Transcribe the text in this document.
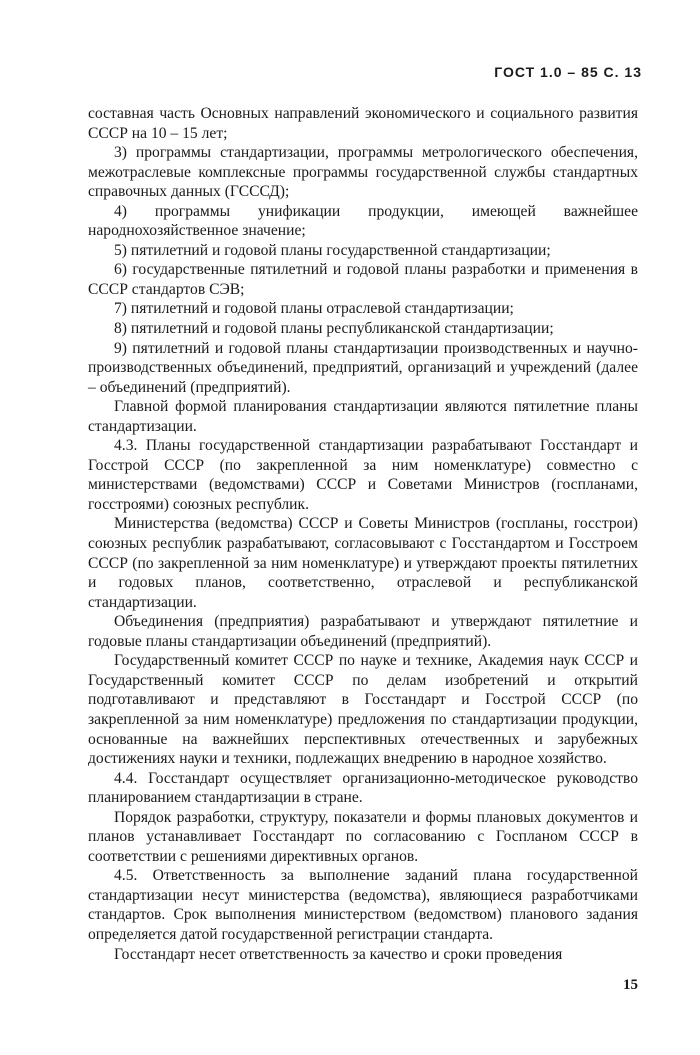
ГОСТ 1.0 – 85 С. 13

составная часть Основных направлений экономического и социального развития СССР на 10 – 15 лет;

3) программы стандартизации, программы метрологического обеспечения, межотраслевые комплексные программы государственной службы стандартных справочных данных (ГСССД);

4) программы унификации продукции, имеющей важнейшее народнохозяйственное значение;

5) пятилетний и годовой планы государственной стандартизации;

6) государственные пятилетний и годовой планы разработки и применения в СССР стандартов СЭВ;

7) пятилетний и годовой планы отраслевой стандартизации;

8) пятилетний и годовой планы республиканской стандартизации;

9) пятилетний и годовой планы стандартизации производственных и научно-производственных объединений, предприятий, организаций и учреждений (далее – объединений (предприятий).

Главной формой планирования стандартизации являются пятилетние планы стандартизации.

4.3. Планы государственной стандартизации разрабатывают Госстандарт и Госстрой СССР (по закрепленной за ним номенклатуре) совместно с министерствами (ведомствами) СССР и Советами Министров (госпланами, госстроями) союзных республик.

Министерства (ведомства) СССР и Советы Министров (госпланы, госстрои) союзных республик разрабатывают, согласовывают с Госстандартом и Госстроем СССР (по закрепленной за ним номенклатуре) и утверждают проекты пятилетних и годовых планов, соответственно, отраслевой и республиканской стандартизации.

Объединения (предприятия) разрабатывают и утверждают пятилетние и годовые планы стандартизации объединений (предприятий).

Государственный комитет СССР по науке и технике, Академия наук СССР и Государственный комитет СССР по делам изобретений и открытий подготавливают и представляют в Госстандарт и Госстрой СССР (по закрепленной за ним номенклатуре) предложения по стандартизации продукции, основанные на важнейших перспективных отечественных и зарубежных достижениях науки и техники, подлежащих внедрению в народное хозяйство.

4.4. Госстандарт осуществляет организационно-методическое руководство планированием стандартизации в стране.

Порядок разработки, структуру, показатели и формы плановых документов и планов устанавливает Госстандарт по согласованию с Госпланом СССР в соответствии с решениями директивных органов.

4.5. Ответственность за выполнение заданий плана государственной стандартизации несут министерства (ведомства), являющиеся разработчиками стандартов. Срок выполнения министерством (ведомством) планового задания определяется датой государственной регистрации стандарта.

Госстандарт несет ответственность за качество и сроки проведения

15
